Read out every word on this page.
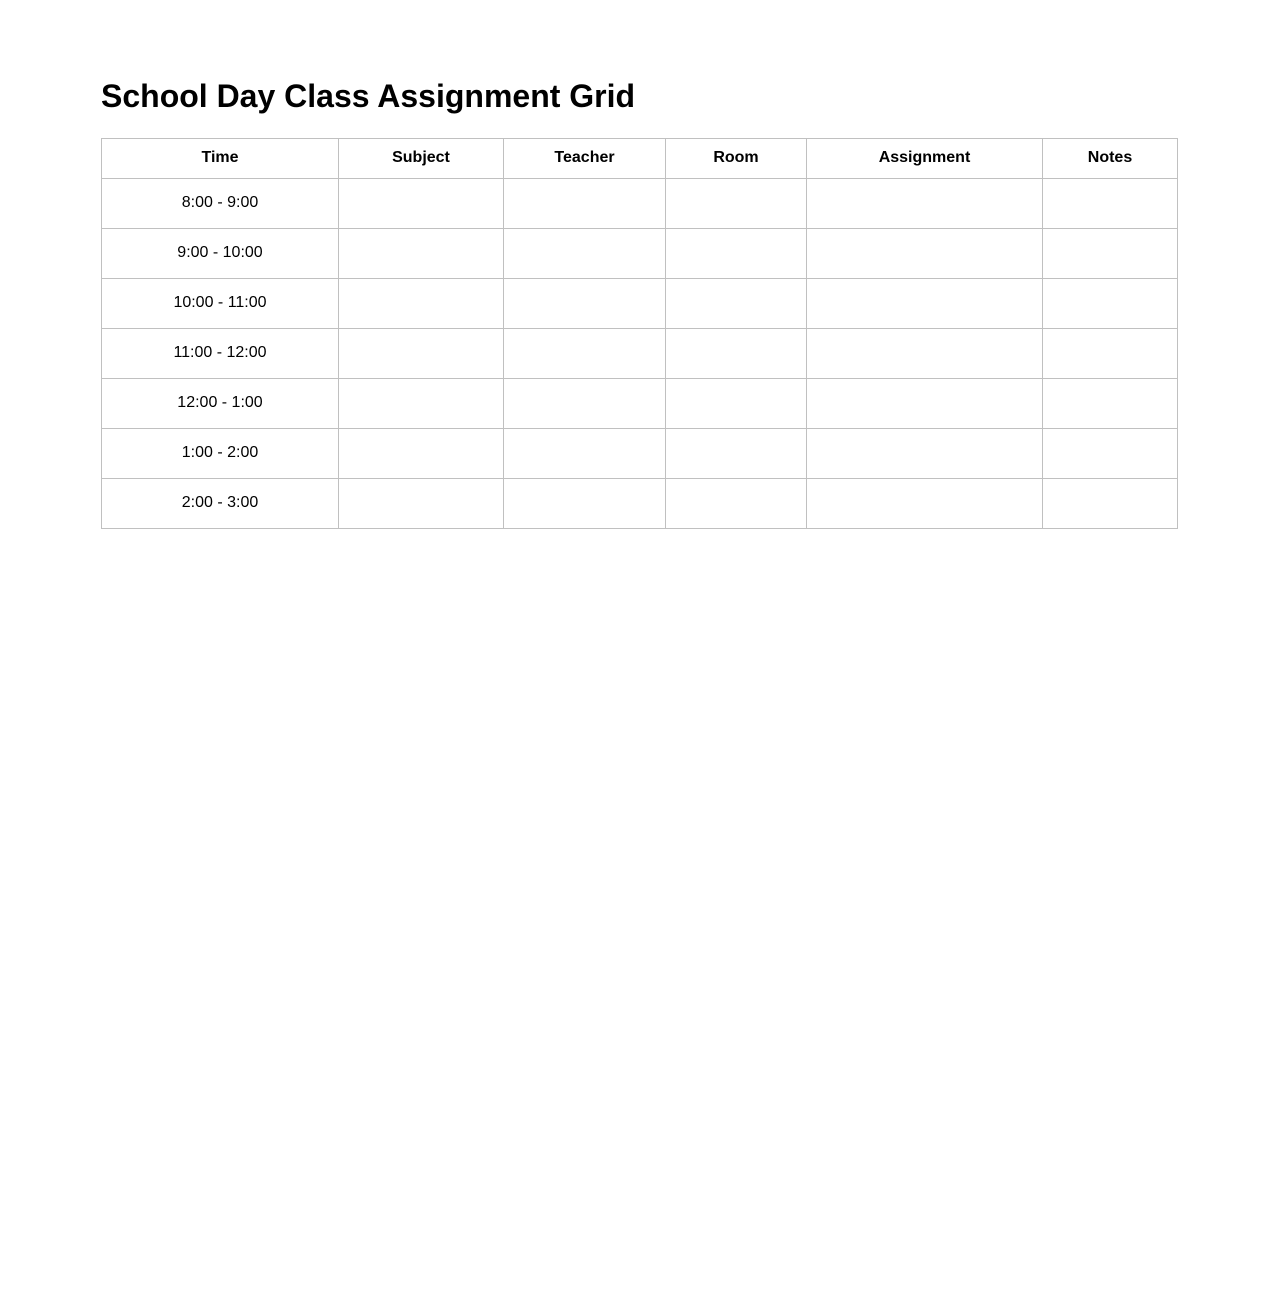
School Day Class Assignment Grid
Time	Subject	Teacher	Room	Assignment	Notes
8:00 - 9:00					
9:00 - 10:00					
10:00 - 11:00					
11:00 - 12:00					
12:00 - 1:00					
1:00 - 2:00					
2:00 - 3:00					
